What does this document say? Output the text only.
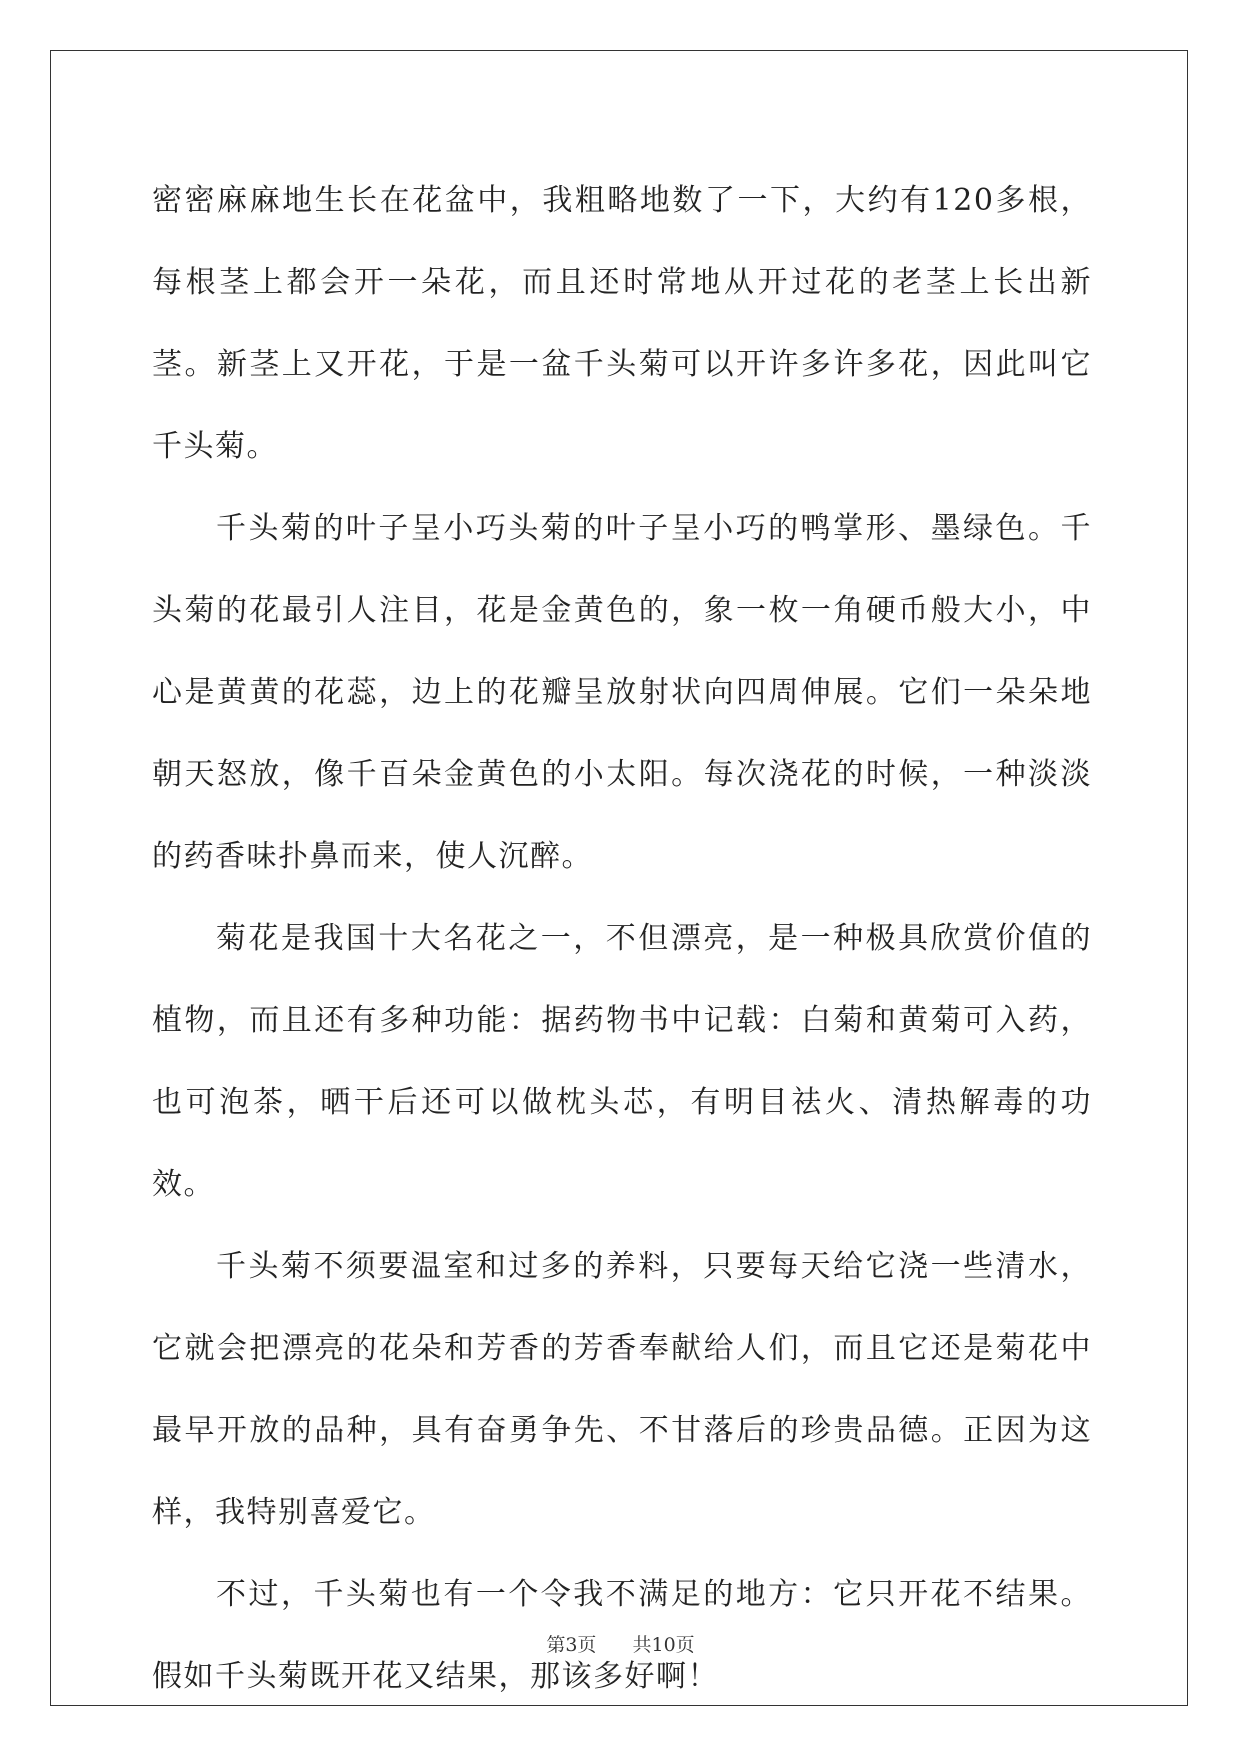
密密麻麻地生长在花盆中，我粗略地数了一下，大约有120多根，每根茎上都会开一朵花，而且还时常地从开过花的老茎上长出新茎。新茎上又开花，于是一盆千头菊可以开许多许多花，因此叫它千头菊。

千头菊的叶子呈小巧头菊的叶子呈小巧的鸭掌形、墨绿色。千头菊的花最引人注目，花是金黄色的，象一枚一角硬币般大小，中心是黄黄的花蕊，边上的花瓣呈放射状向四周伸展。它们一朵朵地朝天怒放，像千百朵金黄色的小太阳。每次浇花的时候，一种淡淡的药香味扑鼻而来，使人沉醉。

菊花是我国十大名花之一，不但漂亮，是一种极具欣赏价值的植物，而且还有多种功能：据药物书中记载：白菊和黄菊可入药，也可泡茶，晒干后还可以做枕头芯，有明目祛火、清热解毒的功效。

千头菊不须要温室和过多的养料，只要每天给它浇一些清水，它就会把漂亮的花朵和芳香的芳香奉献给人们，而且它还是菊花中最早开放的品种，具有奋勇争先、不甘落后的珍贵品德。正因为这样，我特别喜爱它。

不过，千头菊也有一个令我不满足的地方：它只开花不结果。假如千头菊既开花又结果，那该多好啊！

第3页 共10页
